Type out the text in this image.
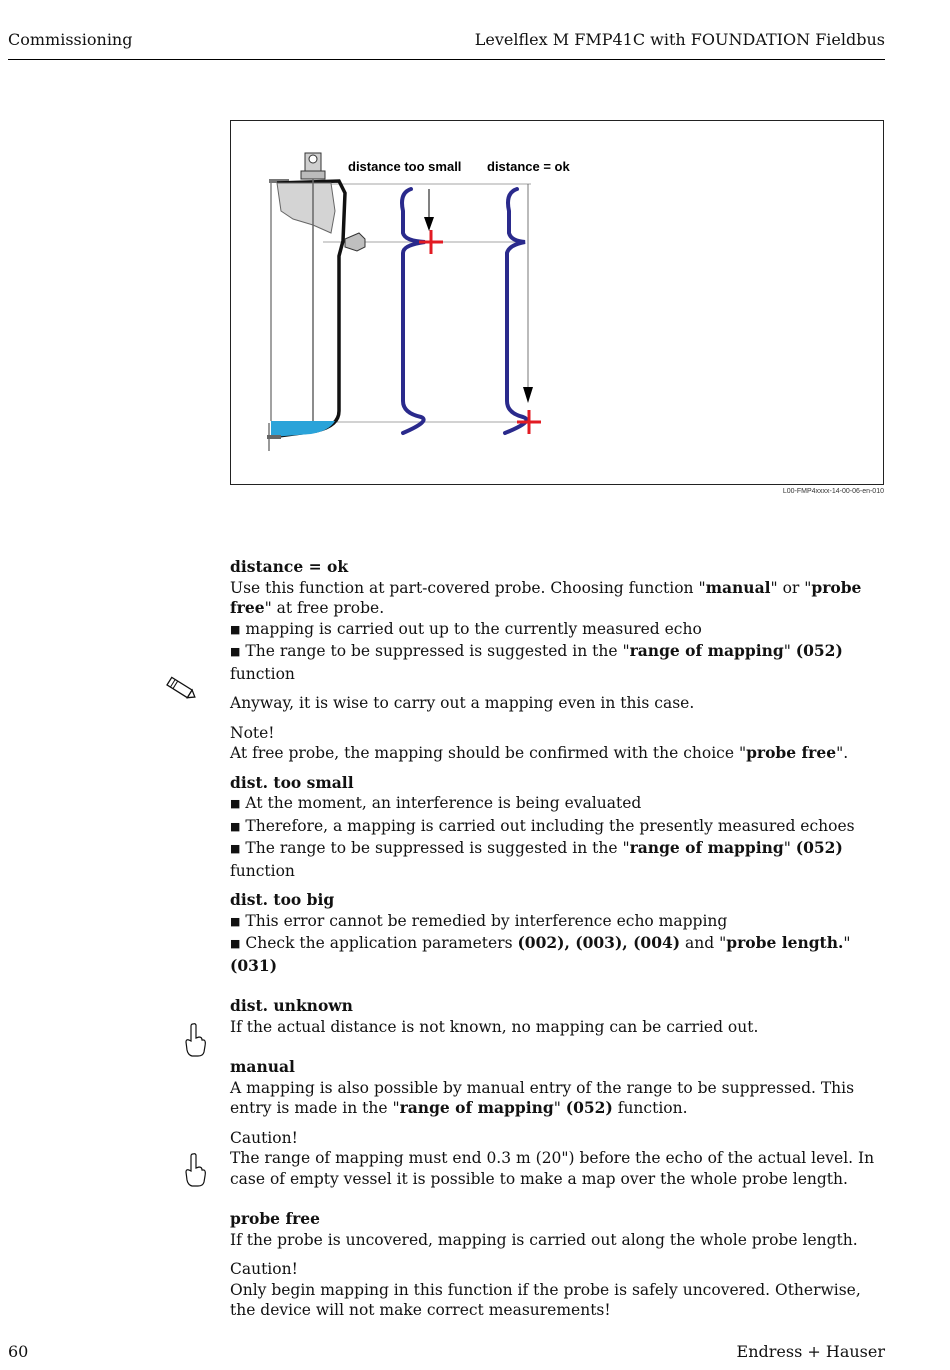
Commissioning	Levelflex M FMP41C with FOUNDATION Fieldbus
distance too small distance = ok
L00-FMP4xxxx-14-00-06-en-010

distance = ok

Use this function at part-covered probe. Choosing function "manual" or "probe free" at free probe.

■ mapping is carried out up to the currently measured echo

■ The range to be suppressed is suggested in the "range of mapping" (052) function

Anyway, it is wise to carry out a mapping even in this case.

Note!

At free probe, the mapping should be confirmed with the choice "probe free".

dist. too small

■ At the moment, an interference is being evaluated

■ Therefore, a mapping is carried out including the presently measured echoes

■ The range to be suppressed is suggested in the "range of mapping" (052) function

dist. too big

■ This error cannot be remedied by interference echo mapping

■ Check the application parameters (002), (003), (004) and "probe length." (031)

dist. unknown

If the actual distance is not known, no mapping can be carried out.

manual

A mapping is also possible by manual entry of the range to be suppressed. This entry is made in the "range of mapping" (052) function.

Caution!

The range of mapping must end 0.3 m (20") before the echo of the actual level. In case of empty vessel it is possible to make a map over the whole probe length.

probe free

If the probe is uncovered, mapping is carried out along the whole probe length.

Caution!

Only begin mapping in this function if the probe is safely uncovered. Otherwise, the device will not make correct measurements!

60	Endress + Hauser
